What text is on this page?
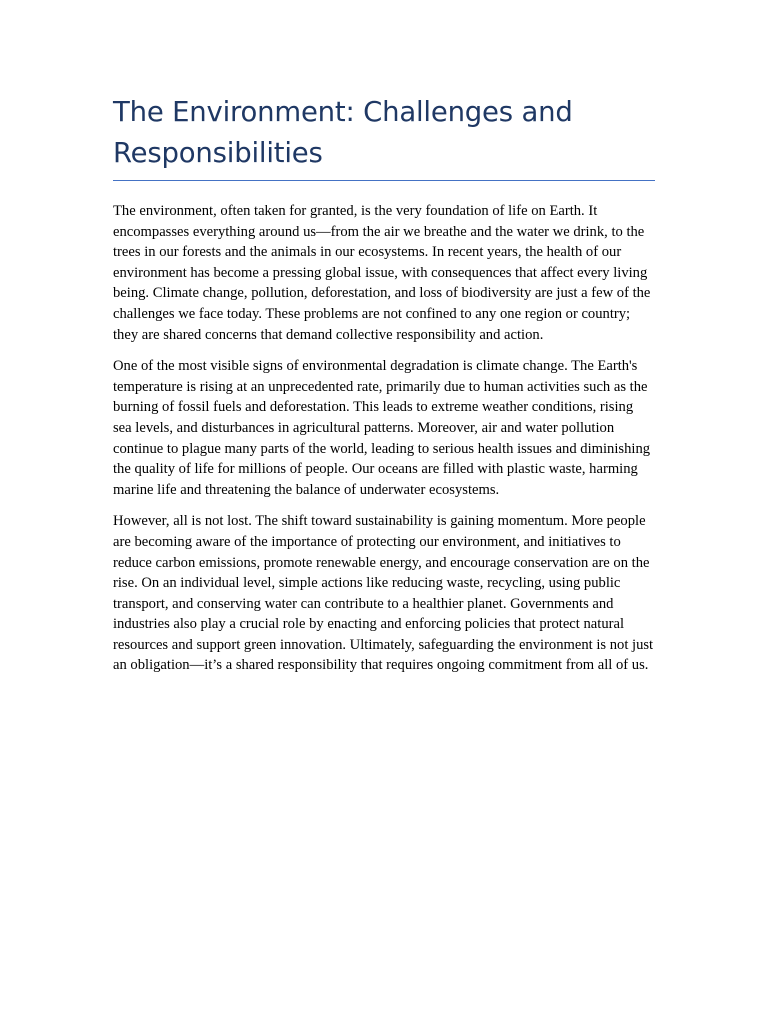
The Environment: Challenges and Responsibilities

The environment, often taken for granted, is the very foundation of life on Earth. It encompasses everything around us—from the air we breathe and the water we drink, to the trees in our forests and the animals in our ecosystems. In recent years, the health of our environment has become a pressing global issue, with consequences that affect every living being. Climate change, pollution, deforestation, and loss of biodiversity are just a few of the challenges we face today. These problems are not confined to any one region or country; they are shared concerns that demand collective responsibility and action.

One of the most visible signs of environmental degradation is climate change. The Earth's temperature is rising at an unprecedented rate, primarily due to human activities such as the burning of fossil fuels and deforestation. This leads to extreme weather conditions, rising sea levels, and disturbances in agricultural patterns. Moreover, air and water pollution continue to plague many parts of the world, leading to serious health issues and diminishing the quality of life for millions of people. Our oceans are filled with plastic waste, harming marine life and threatening the balance of underwater ecosystems.

However, all is not lost. The shift toward sustainability is gaining momentum. More people are becoming aware of the importance of protecting our environment, and initiatives to reduce carbon emissions, promote renewable energy, and encourage conservation are on the rise. On an individual level, simple actions like reducing waste, recycling, using public transport, and conserving water can contribute to a healthier planet. Governments and industries also play a crucial role by enacting and enforcing policies that protect natural resources and support green innovation. Ultimately, safeguarding the environment is not just an obligation—it’s a shared responsibility that requires ongoing commitment from all of us.
